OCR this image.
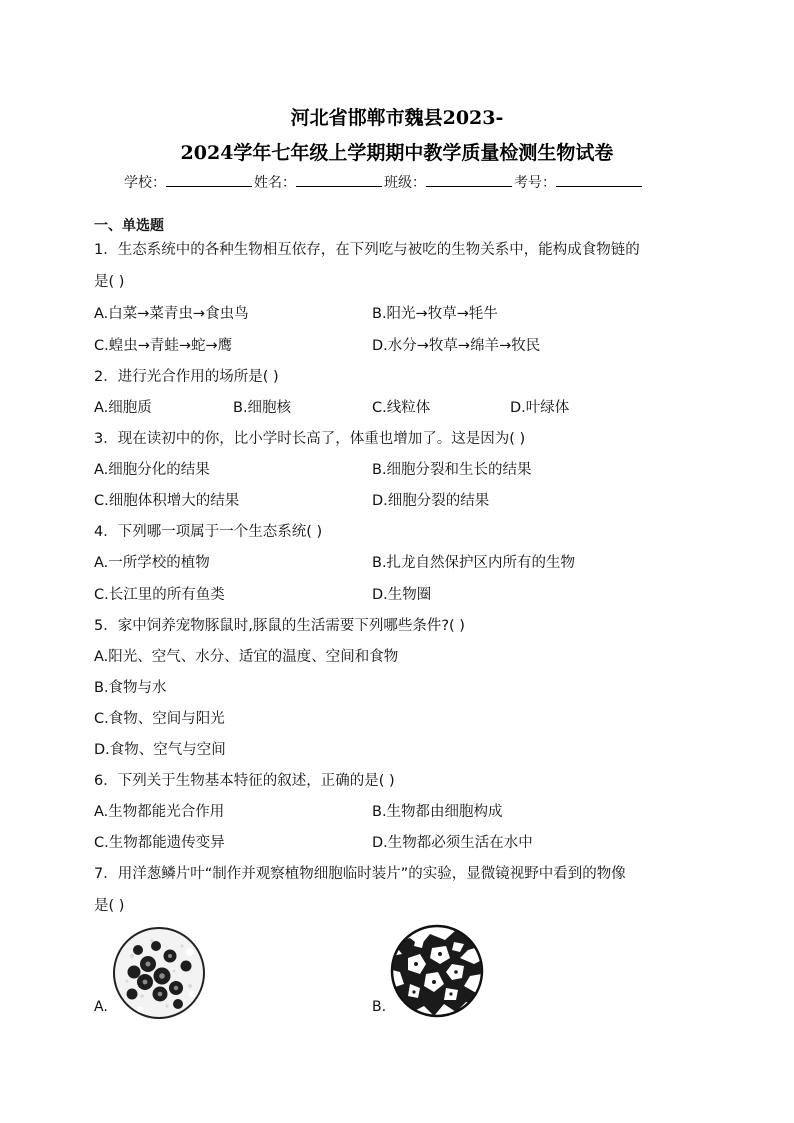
河北省邯郸市魏县2023-
2024学年七年级上学期期中教学质量检测生物试卷
学校：	姓名：	班级：	考号：
一、单选题
1．生态系统中的各种生物相互依存，在下列吃与被吃的生物关系中，能构成食物链的
是( )
A.白菜→菜青虫→食虫鸟	B.阳光→牧草→牦牛
C.蝗虫→青蛙→蛇→鹰	D.水分→牧草→绵羊→牧民
2．进行光合作用的场所是( )
A.细胞质	B.细胞核	C.线粒体	D.叶绿体
3．现在读初中的你，比小学时长高了，体重也增加了。这是因为( )
A.细胞分化的结果	B.细胞分裂和生长的结果
C.细胞体积增大的结果	D.细胞分裂的结果
4．下列哪一项属于一个生态系统( )
A.一所学校的植物	B.扎龙自然保护区内所有的生物
C.长江里的所有鱼类	D.生物圈
5．家中饲养宠物豚鼠时,豚鼠的生活需要下列哪些条件?( )
A.阳光、空气、水分、适宜的温度、空间和食物
B.食物与水
C.食物、空间与阳光
D.食物、空气与空间
6．下列关于生物基本特征的叙述，正确的是( )
A.生物都能光合作用	B.生物都由细胞构成
C.生物都能遗传变异	D.生物都必须生活在水中
7．用洋葱鳞片叶“制作并观察植物细胞临时装片”的实验，显微镜视野中看到的物像
是( )
A.	B.
